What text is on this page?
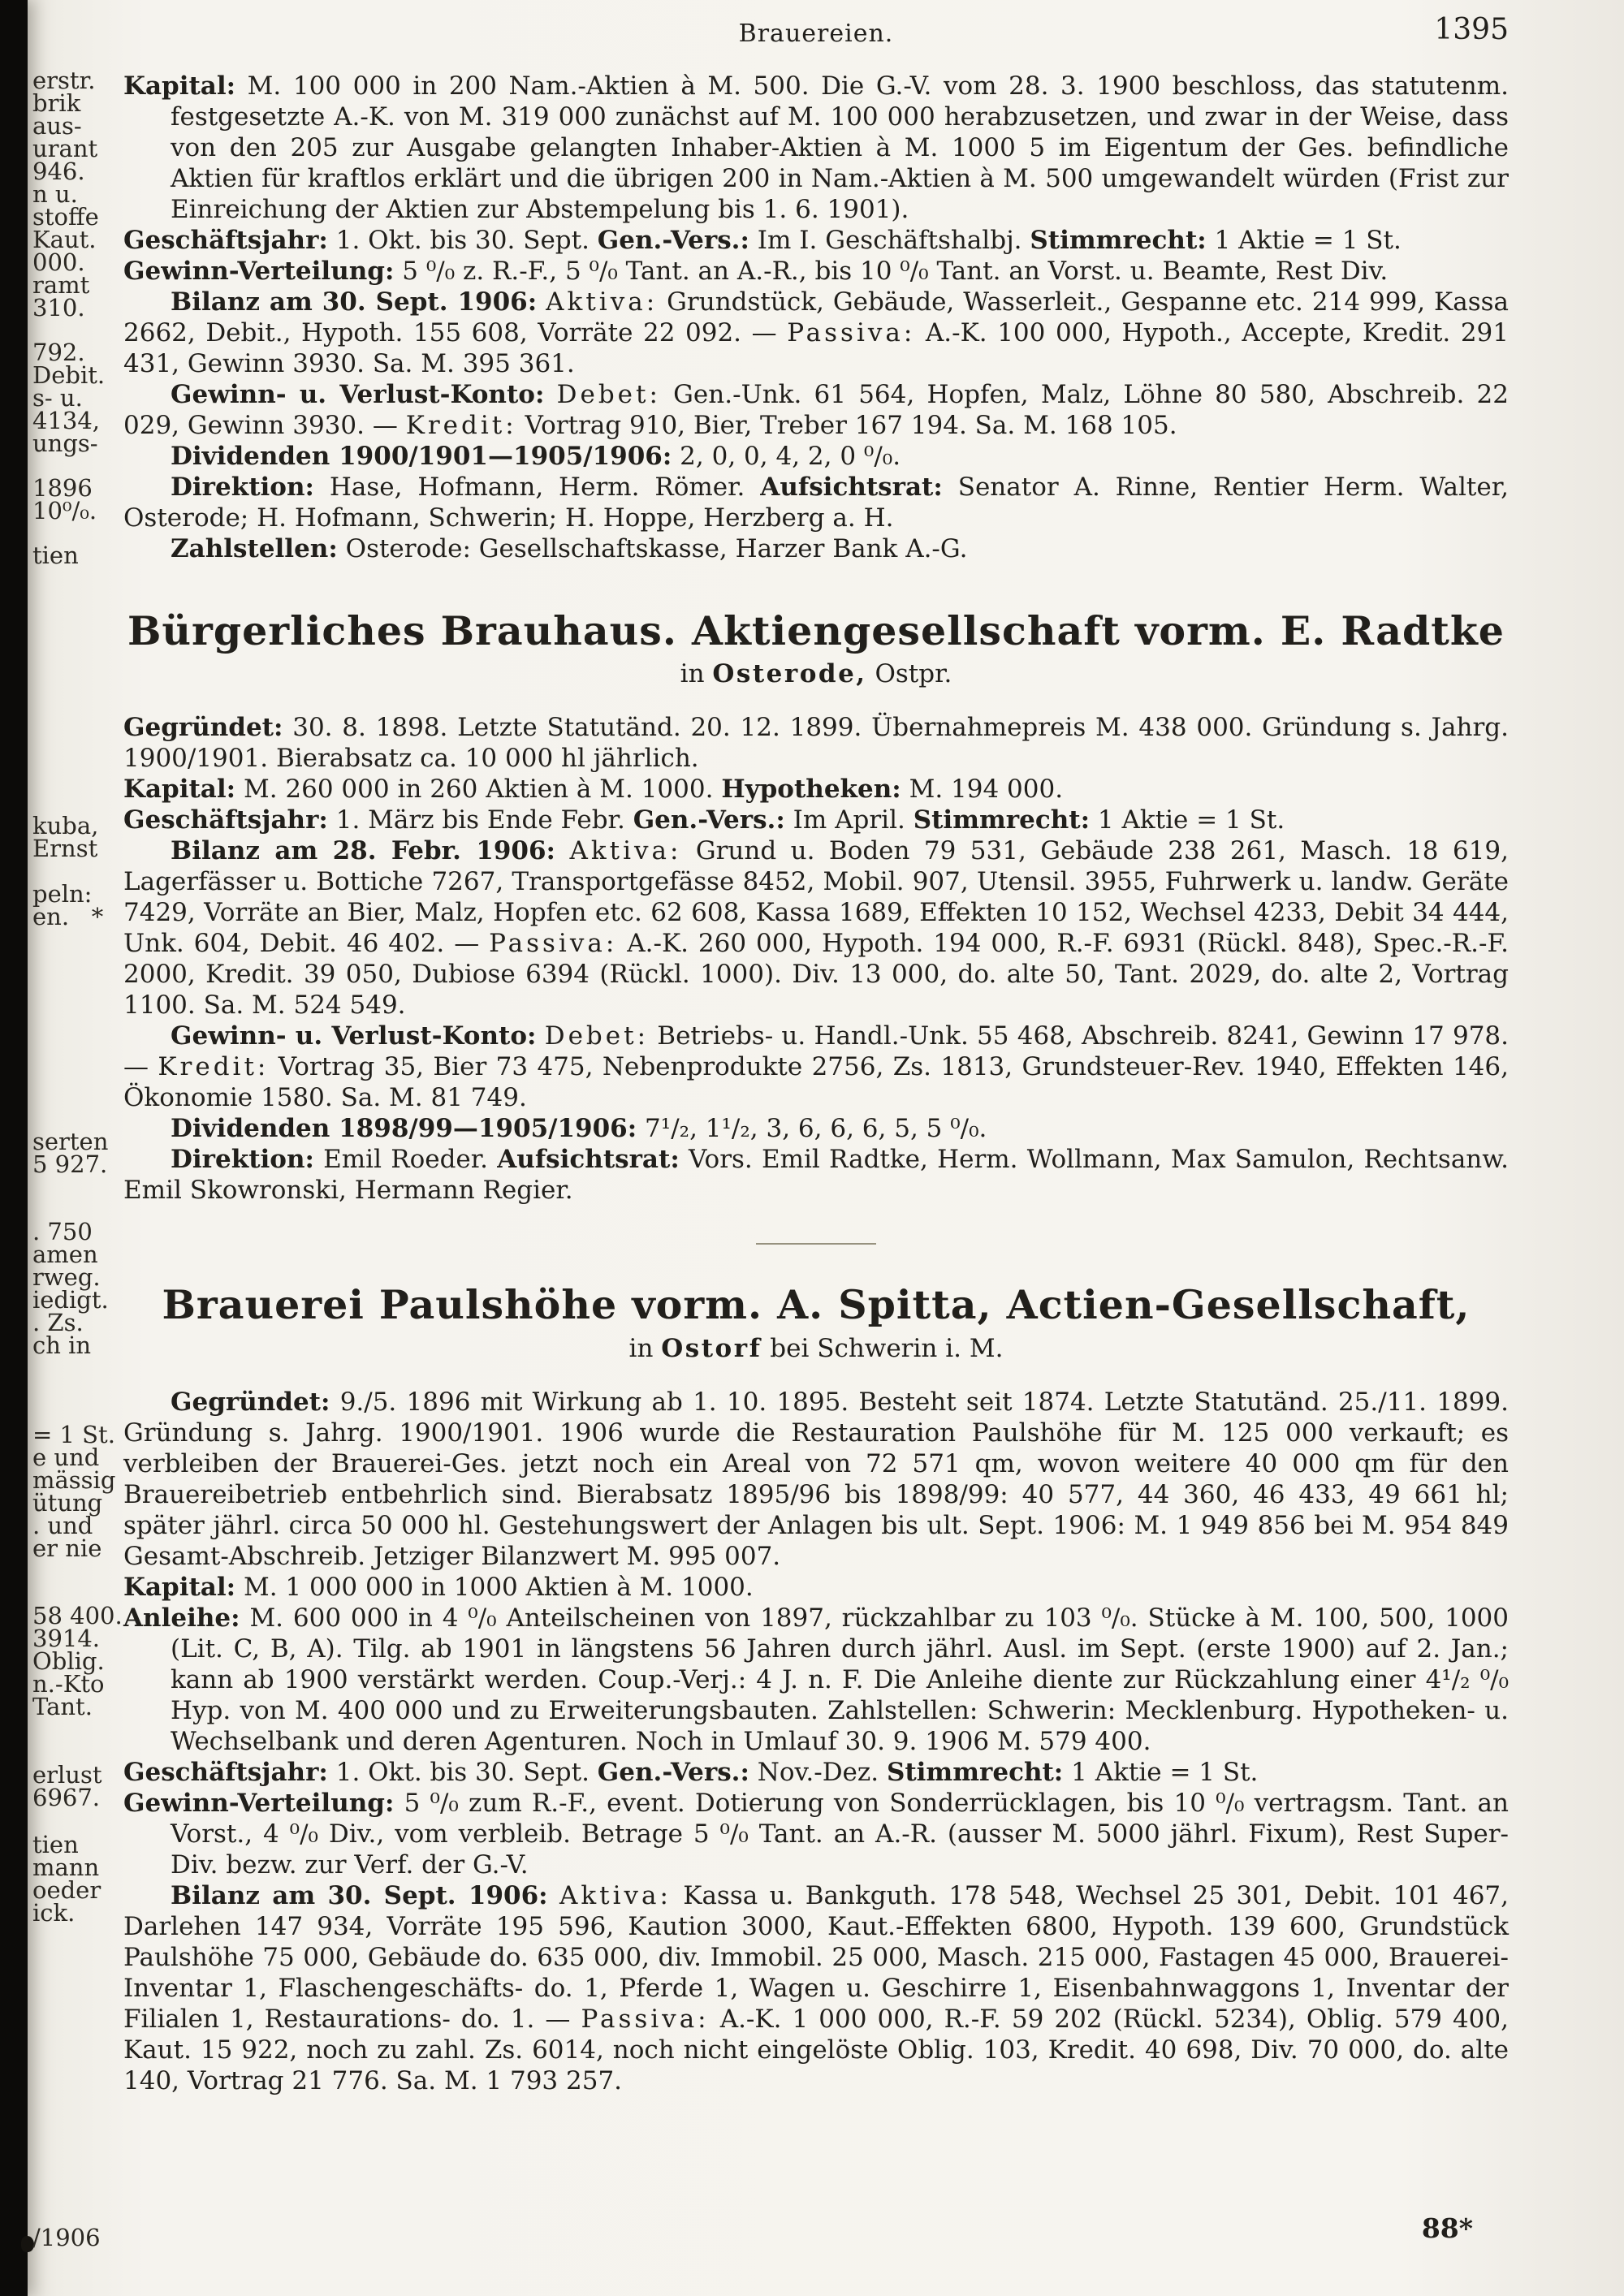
erstr.
brik
aus-
urant
946.
n u.
stoffe
Kaut.
000.
ramt
310.
792.
Debit.
s- u.
4134,
ungs-
1896
10⁰/₀.
tien
kuba,
Ernst
peln:
en.   *
serten
5 927.
. 750
amen
rweg.
iedigt.
. Zs.
ch in
= 1 St.
e und
mässig
ütung
. und
er nie
58 400.
3914.
Oblig.
n.-Kto
Tant.
erlust
6967.
tien
mann
oeder
ick.
/1906
Brauereien.	1395

Kapital: M. 100 000 in 200 Nam.-Aktien à M. 500. Die G.-V. vom 28. 3. 1900 beschloss, das statutenm. festgesetzte A.-K. von M. 319 000 zunächst auf M. 100 000 herabzusetzen, und zwar in der Weise, dass von den 205 zur Ausgabe gelangten Inhaber-Aktien à M. 1000 5 im Eigentum der Ges. befindliche Aktien für kraftlos erklärt und die übrigen 200 in Nam.-Aktien à M. 500 umgewandelt würden (Frist zur Einreichung der Aktien zur Abstempelung bis 1. 6. 1901).

Geschäftsjahr: 1. Okt. bis 30. Sept. Gen.-Vers.: Im I. Geschäftshalbj. Stimmrecht: 1 Aktie = 1 St.

Gewinn-Verteilung: 5 ⁰/₀ z. R.-F., 5 ⁰/₀ Tant. an A.-R., bis 10 ⁰/₀ Tant. an Vorst. u. Beamte, Rest Div.

Bilanz am 30. Sept. 1906: Aktiva: Grundstück, Gebäude, Wasserleit., Gespanne etc. 214 999, Kassa 2662, Debit., Hypoth. 155 608, Vorräte 22 092. — Passiva: A.-K. 100 000, Hypoth., Accepte, Kredit. 291 431, Gewinn 3930. Sa. M. 395 361.

Gewinn- u. Verlust-Konto: Debet: Gen.-Unk. 61 564, Hopfen, Malz, Löhne 80 580, Abschreib. 22 029, Gewinn 3930. — Kredit: Vortrag 910, Bier, Treber 167 194. Sa. M. 168 105.

Dividenden 1900/1901—1905/1906: 2, 0, 0, 4, 2, 0 ⁰/₀.

Direktion: Hase, Hofmann, Herm. Römer. Aufsichtsrat: Senator A. Rinne, Rentier Herm. Walter, Osterode; H. Hofmann, Schwerin; H. Hoppe, Herzberg a. H.

Zahlstellen: Osterode: Gesellschaftskasse, Harzer Bank A.-G.

Bürgerliches Brauhaus. Aktiengesellschaft vorm. E. Radtke

in Osterode, Ostpr.

Gegründet: 30. 8. 1898. Letzte Statutänd. 20. 12. 1899. Übernahmepreis M. 438 000. Gründung s. Jahrg. 1900/1901. Bierabsatz ca. 10 000 hl jährlich.

Kapital: M. 260 000 in 260 Aktien à M. 1000. Hypotheken: M. 194 000.

Geschäftsjahr: 1. März bis Ende Febr. Gen.-Vers.: Im April. Stimmrecht: 1 Aktie = 1 St.

Bilanz am 28. Febr. 1906: Aktiva: Grund u. Boden 79 531, Gebäude 238 261, Masch. 18 619, Lagerfässer u. Bottiche 7267, Transportgefässe 8452, Mobil. 907, Utensil. 3955, Fuhrwerk u. landw. Geräte 7429, Vorräte an Bier, Malz, Hopfen etc. 62 608, Kassa 1689, Effekten 10 152, Wechsel 4233, Debit 34 444, Unk. 604, Debit. 46 402. — Passiva: A.-K. 260 000, Hypoth. 194 000, R.-F. 6931 (Rückl. 848), Spec.-R.-F. 2000, Kredit. 39 050, Dubiose 6394 (Rückl. 1000). Div. 13 000, do. alte 50, Tant. 2029, do. alte 2, Vortrag 1100. Sa. M. 524 549.

Gewinn- u. Verlust-Konto: Debet: Betriebs- u. Handl.-Unk. 55 468, Abschreib. 8241, Gewinn 17 978. — Kredit: Vortrag 35, Bier 73 475, Nebenprodukte 2756, Zs. 1813, Grundsteuer-Rev. 1940, Effekten 146, Ökonomie 1580. Sa. M. 81 749.

Dividenden 1898/99—1905/1906: 7¹/₂, 1¹/₂, 3, 6, 6, 6, 5, 5 ⁰/₀.

Direktion: Emil Roeder. Aufsichtsrat: Vors. Emil Radtke, Herm. Wollmann, Max Samulon, Rechtsanw. Emil Skowronski, Hermann Regier.

Brauerei Paulshöhe vorm. A. Spitta, Actien-Gesellschaft,

in Ostorf bei Schwerin i. M.

Gegründet: 9./5. 1896 mit Wirkung ab 1. 10. 1895. Besteht seit 1874. Letzte Statutänd. 25./11. 1899. Gründung s. Jahrg. 1900/1901. 1906 wurde die Restauration Paulshöhe für M. 125 000 verkauft; es verbleiben der Brauerei-Ges. jetzt noch ein Areal von 72 571 qm, wovon weitere 40 000 qm für den Brauereibetrieb entbehrlich sind. Bierabsatz 1895/96 bis 1898/99: 40 577, 44 360, 46 433, 49 661 hl; später jährl. circa 50 000 hl. Gestehungswert der Anlagen bis ult. Sept. 1906: M. 1 949 856 bei M. 954 849 Gesamt-Abschreib. Jetziger Bilanzwert M. 995 007.

Kapital: M. 1 000 000 in 1000 Aktien à M. 1000.

Anleihe: M. 600 000 in 4 ⁰/₀ Anteilscheinen von 1897, rückzahlbar zu 103 ⁰/₀. Stücke à M. 100, 500, 1000 (Lit. C, B, A). Tilg. ab 1901 in längstens 56 Jahren durch jährl. Ausl. im Sept. (erste 1900) auf 2. Jan.; kann ab 1900 verstärkt werden. Coup.-Verj.: 4 J. n. F. Die Anleihe diente zur Rückzahlung einer 4¹/₂ ⁰/₀ Hyp. von M. 400 000 und zu Erweiterungsbauten. Zahlstellen: Schwerin: Mecklenburg. Hypotheken- u. Wechselbank und deren Agenturen. Noch in Umlauf 30. 9. 1906 M. 579 400.

Geschäftsjahr: 1. Okt. bis 30. Sept. Gen.-Vers.: Nov.-Dez. Stimmrecht: 1 Aktie = 1 St.

Gewinn-Verteilung: 5 ⁰/₀ zum R.-F., event. Dotierung von Sonderrücklagen, bis 10 ⁰/₀ vertragsm. Tant. an Vorst., 4 ⁰/₀ Div., vom verbleib. Betrage 5 ⁰/₀ Tant. an A.-R. (ausser M. 5000 jährl. Fixum), Rest Super-Div. bezw. zur Verf. der G.-V.

Bilanz am 30. Sept. 1906: Aktiva: Kassa u. Bankguth. 178 548, Wechsel 25 301, Debit. 101 467, Darlehen 147 934, Vorräte 195 596, Kaution 3000, Kaut.-Effekten 6800, Hypoth. 139 600, Grundstück Paulshöhe 75 000, Gebäude do. 635 000, div. Immobil. 25 000, Masch. 215 000, Fastagen 45 000, Brauerei-Inventar 1, Flaschengeschäfts- do. 1, Pferde 1, Wagen u. Geschirre 1, Eisenbahnwaggons 1, Inventar der Filialen 1, Restaurations- do. 1. — Passiva: A.-K. 1 000 000, R.-F. 59 202 (Rückl. 5234), Oblig. 579 400, Kaut. 15 922, noch zu zahl. Zs. 6014, noch nicht eingelöste Oblig. 103, Kredit. 40 698, Div. 70 000, do. alte 140, Vortrag 21 776. Sa. M. 1 793 257.

88*
